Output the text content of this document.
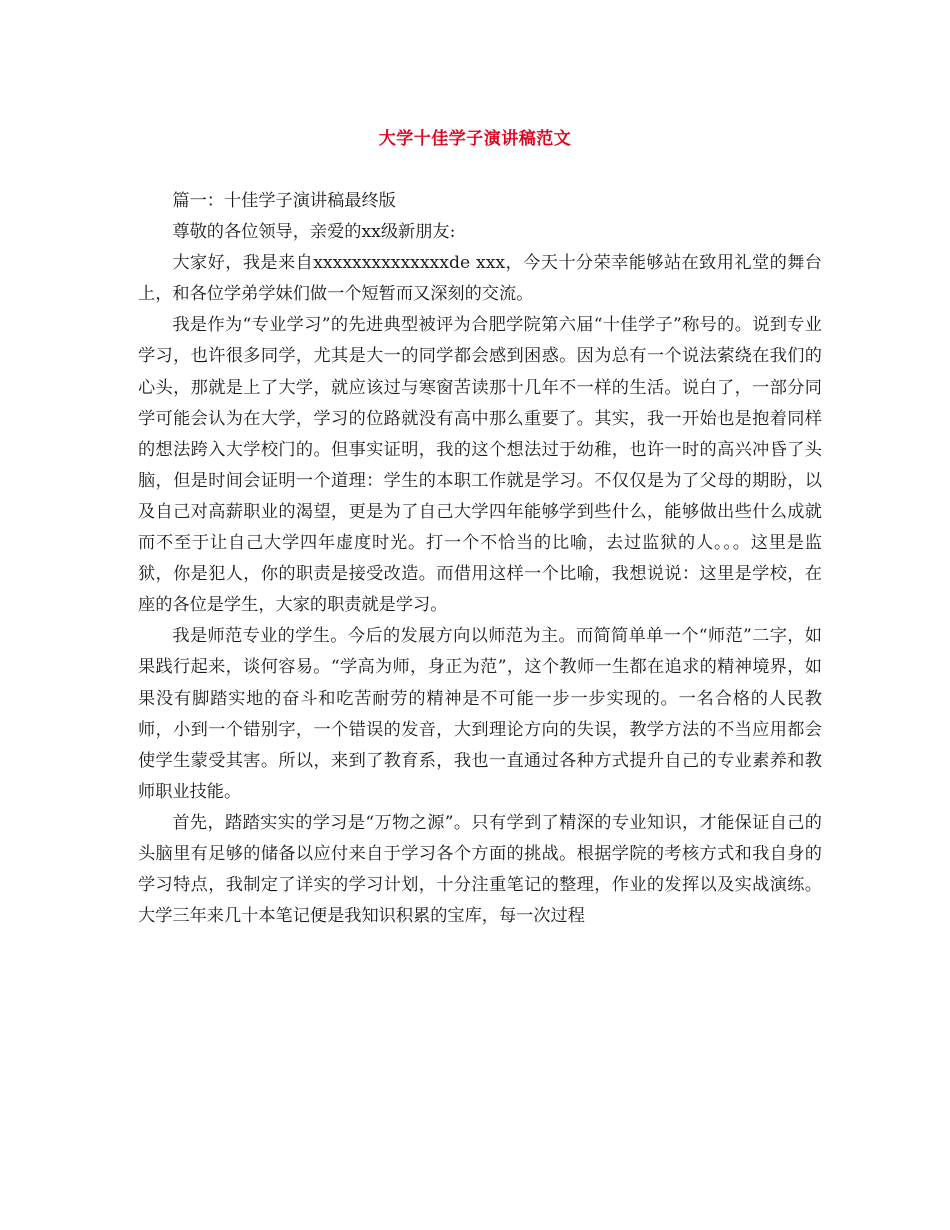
大学十佳学子演讲稿范文

篇一：十佳学子演讲稿最终版

尊敬的各位领导，亲爱的xx级新朋友:

大家好，我是来自xxxxxxxxxxxxxxde xxx，今天十分荣幸能够站在致用礼堂的舞台上，和各位学弟学妹们做一个短暂而又深刻的交流。

我是作为“专业学习”的先进典型被评为合肥学院第六届“十佳学子”称号的。说到专业学习，也许很多同学，尤其是大一的同学都会感到困惑。因为总有一个说法萦绕在我们的心头，那就是上了大学，就应该过与寒窗苦读那十几年不一样的生活。说白了，一部分同学可能会认为在大学，学习的位路就没有高中那么重要了。其实，我一开始也是抱着同样的想法跨入大学校门的。但事实证明，我的这个想法过于幼稚，也许一时的高兴冲昏了头脑，但是时间会证明一个道理：学生的本职工作就是学习。不仅仅是为了父母的期盼，以及自己对高薪职业的渴望，更是为了自己大学四年能够学到些什么，能够做出些什么成就而不至于让自己大学四年虚度时光。打一个不恰当的比喻，去过监狱的人。。。这里是监狱，你是犯人，你的职责是接受改造。而借用这样一个比喻，我想说说：这里是学校，在座的各位是学生，大家的职责就是学习。

我是师范专业的学生。今后的发展方向以师范为主。而简简单单一个“师范”二字，如果践行起来，谈何容易。“学高为师，身正为范”，这个教师一生都在追求的精神境界，如果没有脚踏实地的奋斗和吃苦耐劳的精神是不可能一步一步实现的。一名合格的人民教师，小到一个错别字，一个错误的发音，大到理论方向的失误，教学方法的不当应用都会使学生蒙受其害。所以，来到了教育系，我也一直通过各种方式提升自己的专业素养和教师职业技能。

首先，踏踏实实的学习是“万物之源”。只有学到了精深的专业知识，才能保证自己的头脑里有足够的储备以应付来自于学习各个方面的挑战。根据学院的考核方式和我自身的学习特点，我制定了详实的学习计划，十分注重笔记的整理，作业的发挥以及实战演练。大学三年来几十本笔记便是我知识积累的宝库，每一次过程
